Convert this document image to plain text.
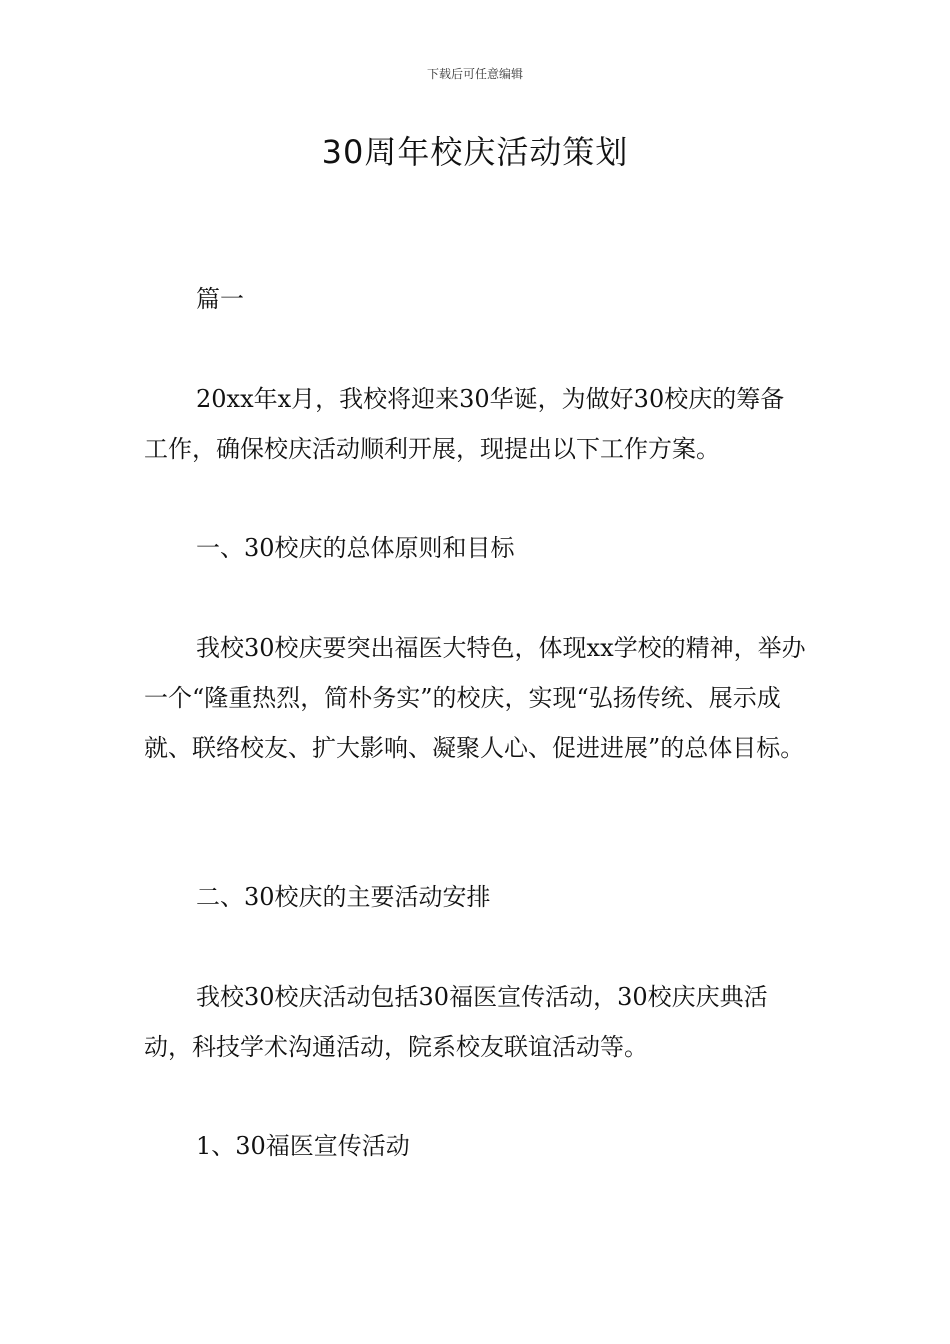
下载后可任意编辑
30周年校庆活动策划

篇一

20xx年x月，我校将迎来30华诞，为做好30校庆的筹备工作，确保校庆活动顺利开展，现提出以下工作方案。

一、30校庆的总体原则和目标

我校30校庆要突出福医大特色，体现xx学校的精神，举办一个“隆重热烈，简朴务实”的校庆，实现“弘扬传统、展示成就、联络校友、扩大影响、凝聚人心、促进进展”的总体目标。

二、30校庆的主要活动安排

我校30校庆活动包括30福医宣传活动，30校庆庆典活动，科技学术沟通活动，院系校友联谊活动等。

1、30福医宣传活动
